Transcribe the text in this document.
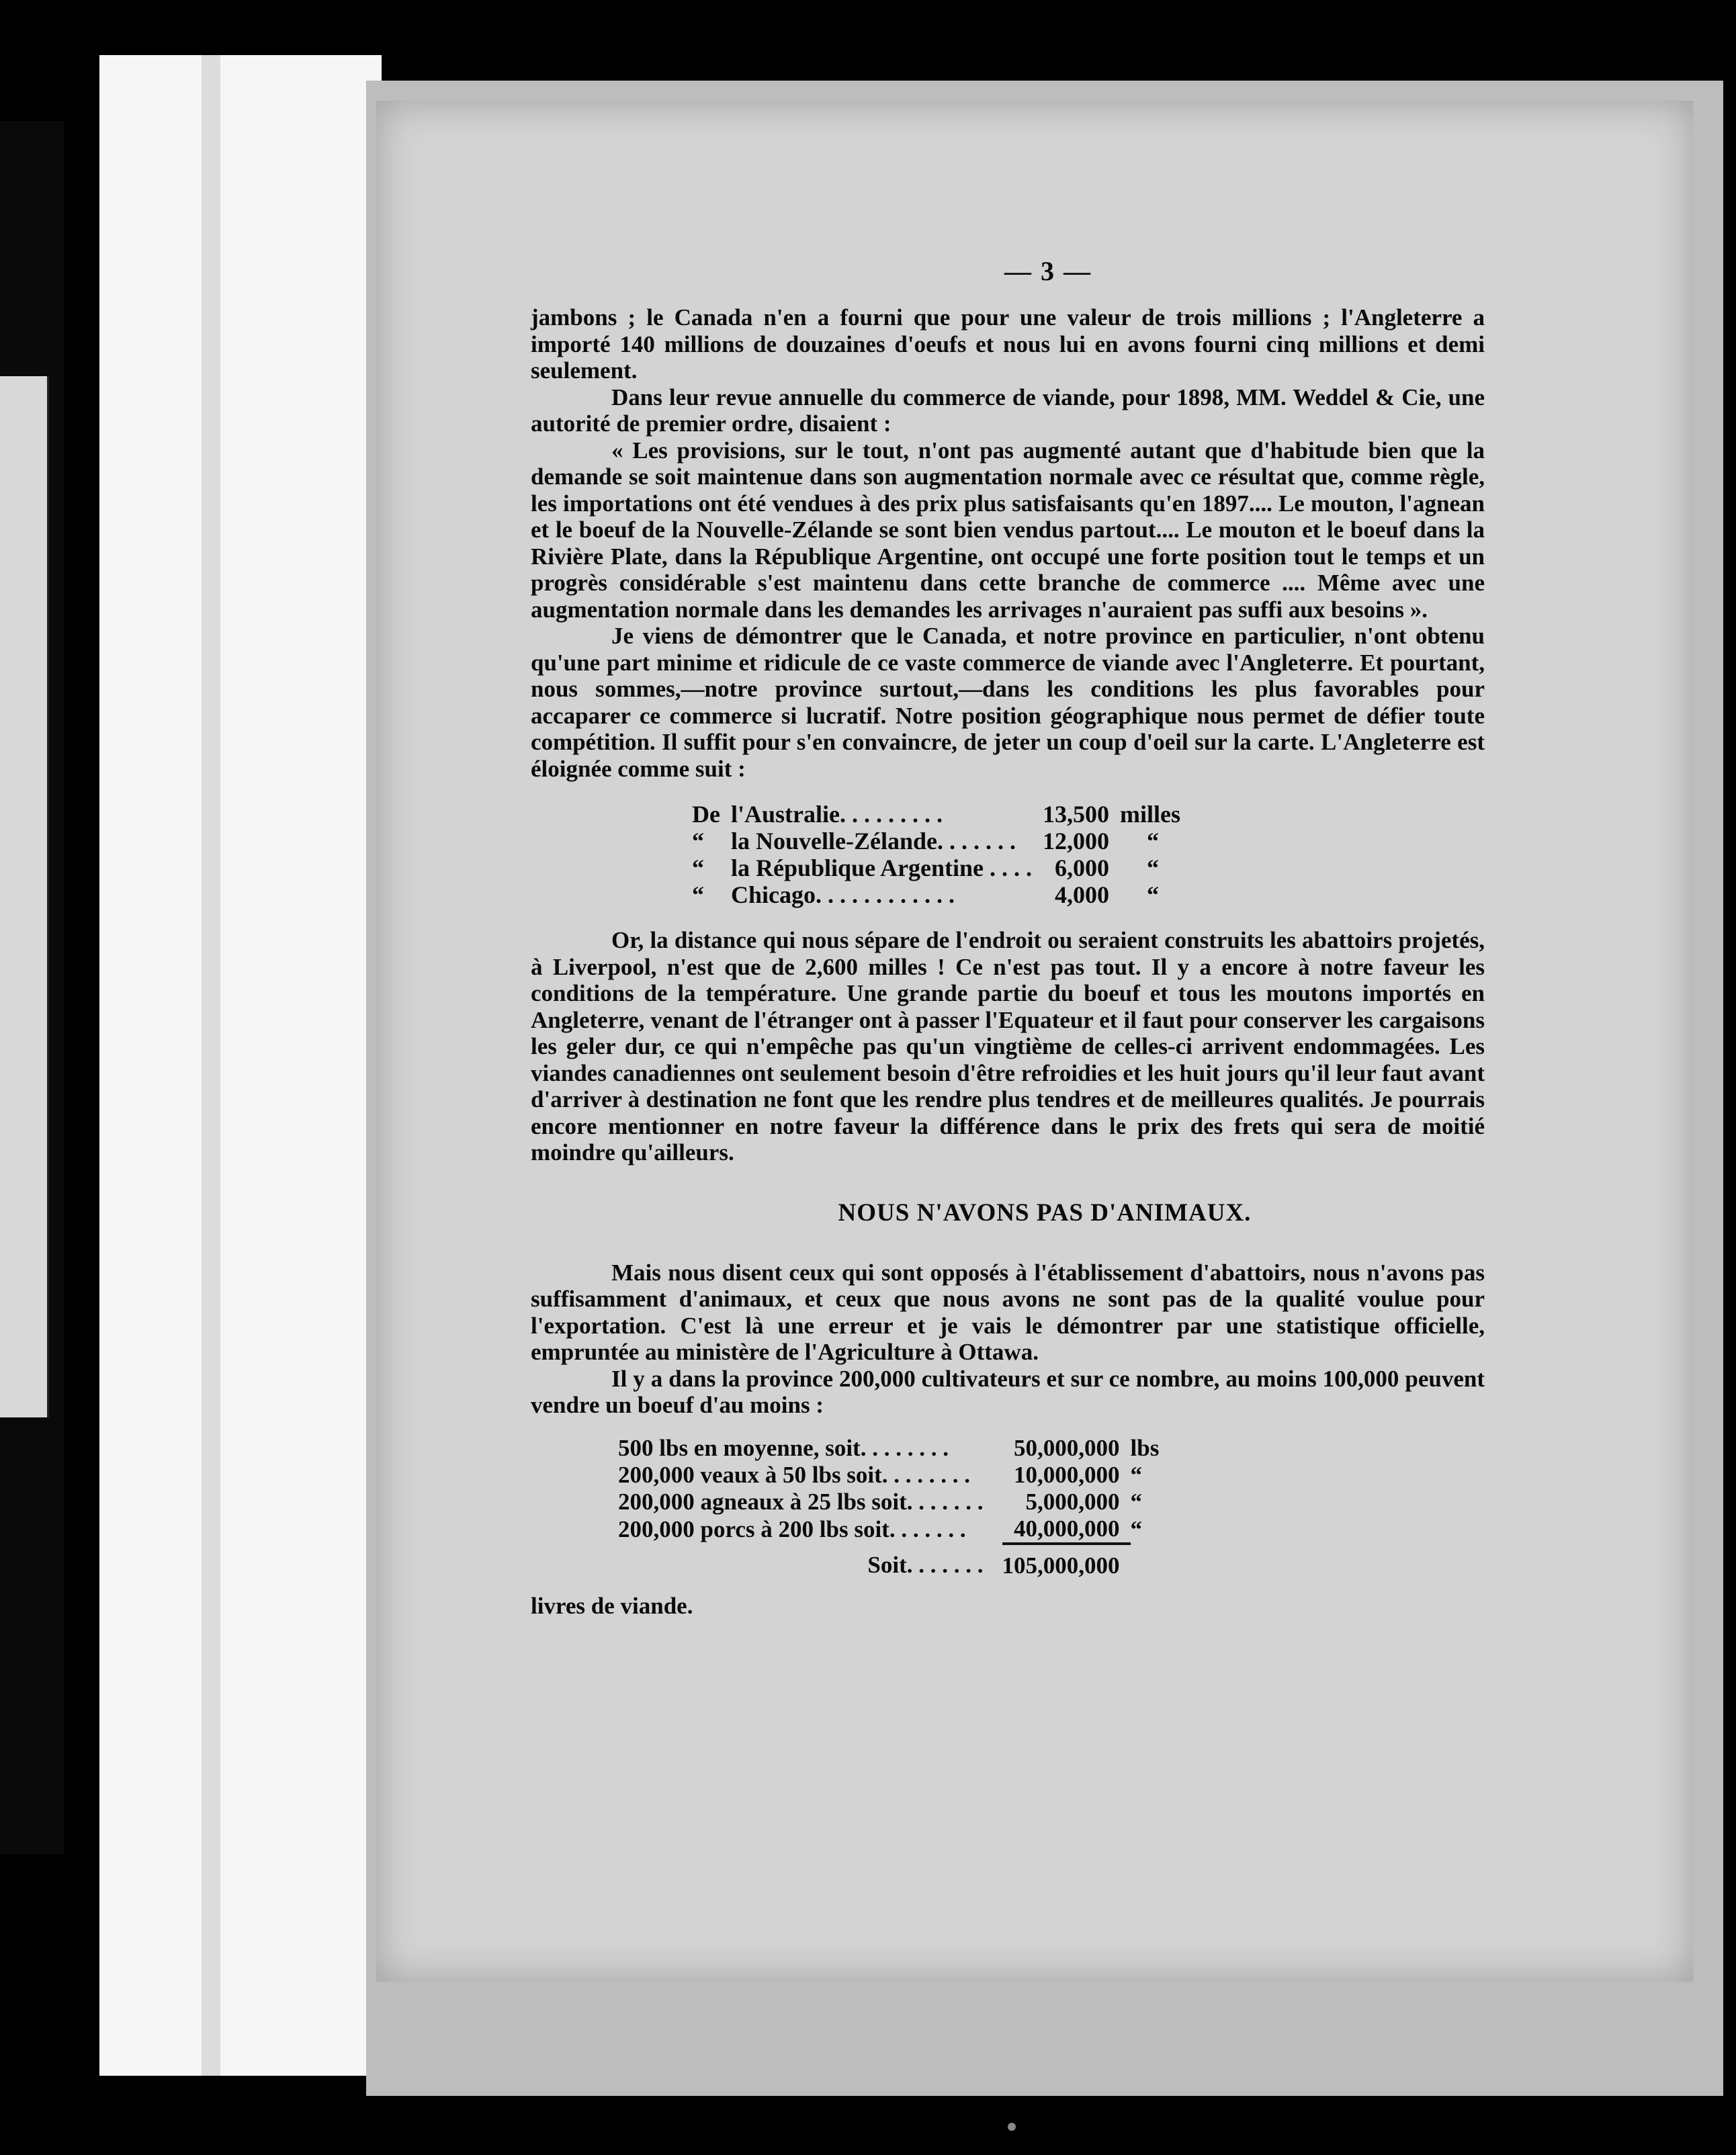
— 3 —

jambons ; le Canada n'en a fourni que pour une valeur de trois millions ; l'Angleterre a importé 140 millions de douzaines d'oeufs et nous lui en avons fourni cinq millions et demi seulement.

Dans leur revue annuelle du commerce de viande, pour 1898, MM. Weddel & Cie, une autorité de premier ordre, disaient :

« Les provisions, sur le tout, n'ont pas augmenté autant que d'habitude bien que la demande se soit maintenue dans son augmentation normale avec ce résultat que, comme règle, les importations ont été vendues à des prix plus satisfaisants qu'en 1897.... Le mouton, l'agnean et le boeuf de la Nouvelle-Zélande se sont bien vendus partout.... Le mouton et le boeuf dans la Rivière Plate, dans la République Argentine, ont occupé une forte position tout le temps et un progrès considérable s'est maintenu dans cette branche de commerce .... Même avec une augmentation normale dans les demandes les arrivages n'auraient pas suffi aux besoins ».

Je viens de démontrer que le Canada, et notre province en particulier, n'ont obtenu qu'une part minime et ridicule de ce vaste commerce de viande avec l'Angleterre. Et pourtant, nous sommes,—notre province surtout,—dans les conditions les plus favorables pour accaparer ce commerce si lucratif. Notre position géographique nous permet de défier toute compétition. Il suffit pour s'en convaincre, de jeter un coup d'oeil sur la carte. L'Angleterre est éloignée comme suit :

De	l'Australie. . . . . . . . .	13,500	milles
“	la Nouvelle-Zélande. . . . . . .	12,000	“
“	la République Argentine . . . .	6,000	“
“	Chicago. . . . . . . . . . . .	4,000	“

Or, la distance qui nous sépare de l'endroit ou seraient construits les abattoirs projetés, à Liverpool, n'est que de 2,600 milles ! Ce n'est pas tout. Il y a encore à notre faveur les conditions de la température. Une grande partie du boeuf et tous les moutons importés en Angleterre, venant de l'étranger ont à passer l'Equateur et il faut pour conserver les cargaisons les geler dur, ce qui n'empêche pas qu'un vingtième de celles-ci arrivent endommagées. Les viandes canadiennes ont seulement besoin d'être refroidies et les huit jours qu'il leur faut avant d'arriver à destination ne font que les rendre plus tendres et de meilleures qualités. Je pourrais encore mentionner en notre faveur la différence dans le prix des frets qui sera de moitié moindre qu'ailleurs.

NOUS N'AVONS PAS D'ANIMAUX.

Mais nous disent ceux qui sont opposés à l'établissement d'abattoirs, nous n'avons pas suffisamment d'animaux, et ceux que nous avons ne sont pas de la qualité voulue pour l'exportation. C'est là une erreur et je vais le démontrer par une statistique officielle, empruntée au ministère de l'Agriculture à Ottawa.

Il y a dans la province 200,000 cultivateurs et sur ce nombre, au moins 100,000 peuvent vendre un boeuf d'au moins :

500 lbs en moyenne, soit. . . . . . . .	50,000,000	lbs
200,000 veaux à 50 lbs soit. . . . . . . .	10,000,000	“
200,000 agneaux à 25 lbs soit. . . . . . .	5,000,000	“
200,000 porcs à 200 lbs soit. . . . . . .	40,000,000	“
Soit. . . . . . .	105,000,000	

livres de viande.
